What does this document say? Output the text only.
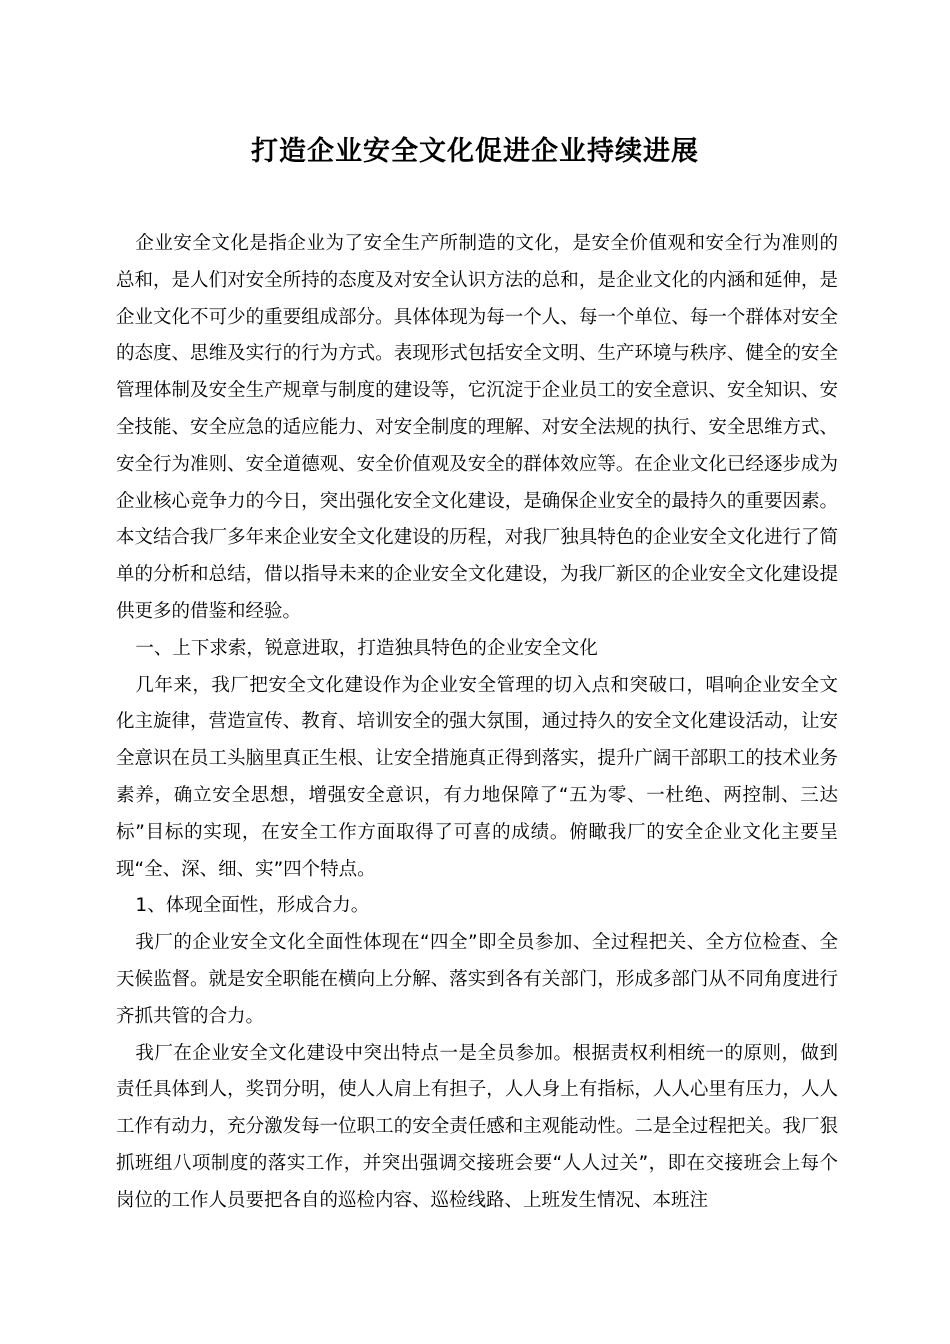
打造企业安全文化促进企业持续进展

企业安全文化是指企业为了安全生产所制造的文化，是安全价值观和安全行为准则的总和，是人们对安全所持的态度及对安全认识方法的总和，是企业文化的内涵和延伸，是企业文化不可少的重要组成部分。具体体现为每一个人、每一个单位、每一个群体对安全的态度、思维及实行的行为方式。表现形式包括安全文明、生产环境与秩序、健全的安全管理体制及安全生产规章与制度的建设等，它沉淀于企业员工的安全意识、安全知识、安全技能、安全应急的适应能力、对安全制度的理解、对安全法规的执行、安全思维方式、安全行为准则、安全道德观、安全价值观及安全的群体效应等。在企业文化已经逐步成为企业核心竞争力的今日，突出强化安全文化建设，是确保企业安全的最持久的重要因素。本文结合我厂多年来企业安全文化建设的历程，对我厂独具特色的企业安全文化进行了简单的分析和总结，借以指导未来的企业安全文化建设，为我厂新区的企业安全文化建设提供更多的借鉴和经验。

一、上下求索，锐意进取，打造独具特色的企业安全文化

几年来，我厂把安全文化建设作为企业安全管理的切入点和突破口，唱响企业安全文化主旋律，营造宣传、教育、培训安全的强大氛围，通过持久的安全文化建设活动，让安全意识在员工头脑里真正生根、让安全措施真正得到落实，提升广阔干部职工的技术业务素养，确立安全思想，增强安全意识，有力地保障了“五为零、一杜绝、两控制、三达标”目标的实现，在安全工作方面取得了可喜的成绩。俯瞰我厂的安全企业文化主要呈现“全、深、细、实”四个特点。

1、体现全面性，形成合力。

我厂的企业安全文化全面性体现在“四全”即全员参加、全过程把关、全方位检查、全天候监督。就是安全职能在横向上分解、落实到各有关部门，形成多部门从不同角度进行齐抓共管的合力。

我厂在企业安全文化建设中突出特点一是全员参加。根据责权利相统一的原则，做到责任具体到人，奖罚分明，使人人肩上有担子，人人身上有指标，人人心里有压力，人人工作有动力，充分激发每一位职工的安全责任感和主观能动性。二是全过程把关。我厂狠抓班组八项制度的落实工作，并突出强调交接班会要“人人过关”，即在交接班会上每个岗位的工作人员要把各自的巡检内容、巡检线路、上班发生情况、本班注
